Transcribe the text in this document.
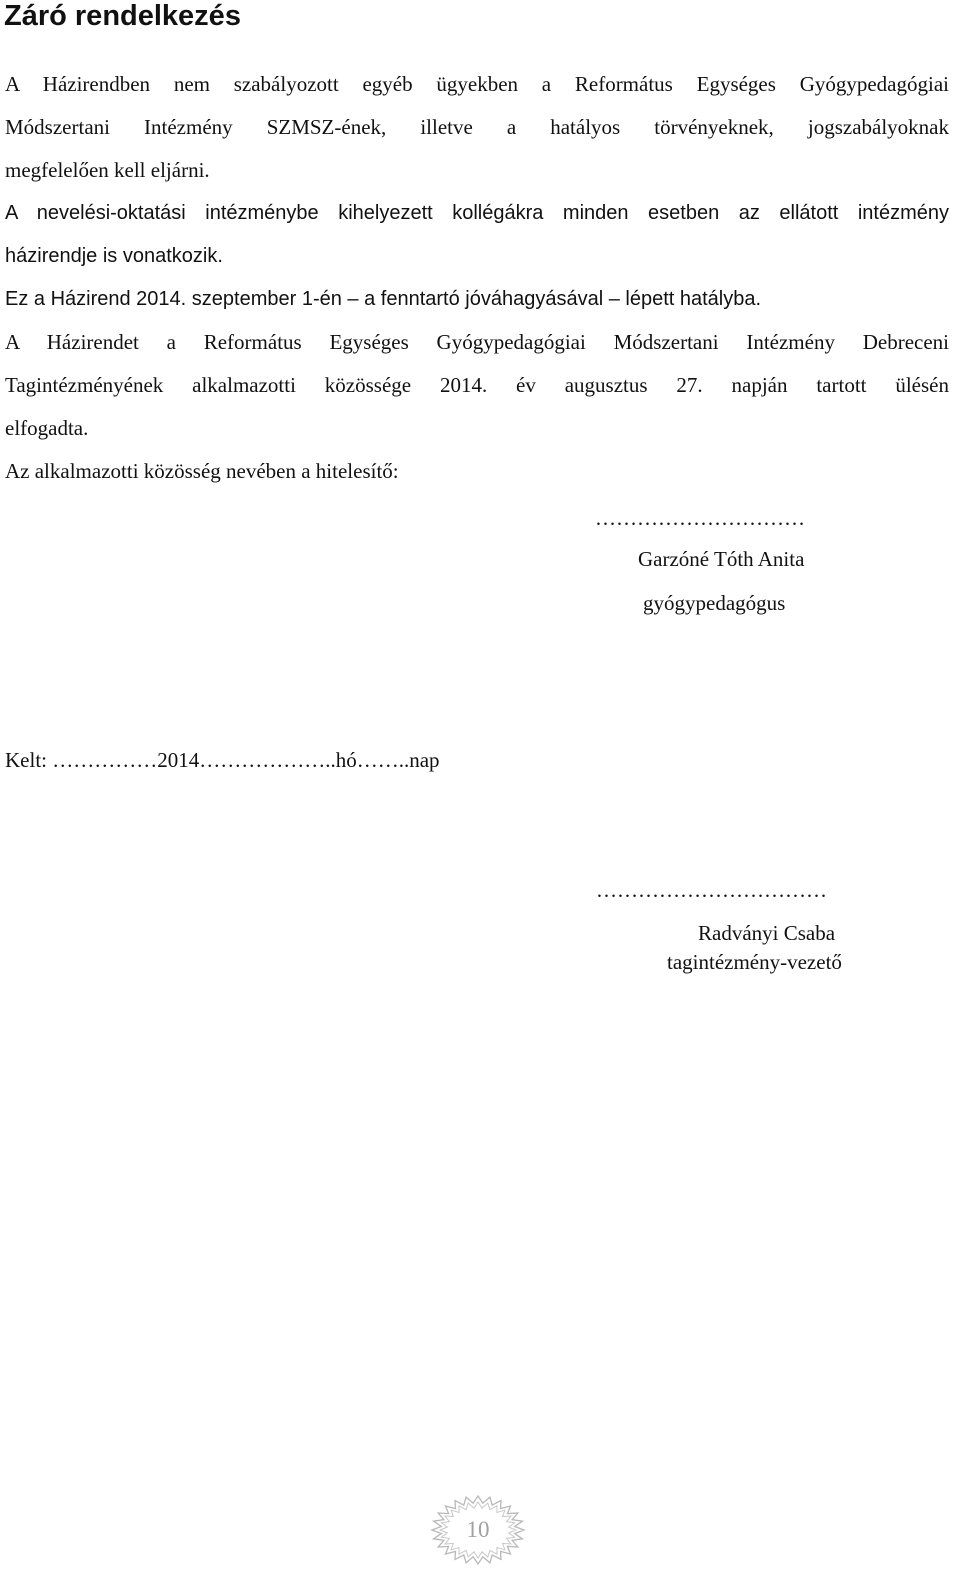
Záró rendelkezés
A Házirendben nem szabályozott egyéb ügyekben a Református Egységes Gyógypedagógiai
Módszertani Intézmény SZMSZ-ének, illetve a hatályos törvényeknek, jogszabályoknak
megfelelően kell eljárni.
A nevelési-oktatási intézménybe kihelyezett kollégákra minden esetben az ellátott intézmény
házirendje is vonatkozik.
Ez a Házirend 2014. szeptember 1-én – a fenntartó jóváhagyásával – lépett hatályba.
A Házirendet a Református Egységes Gyógypedagógiai Módszertani Intézmény Debreceni
Tagintézményének alkalmazotti közössége 2014. év augusztus 27. napján tartott ülésén
elfogadta.
Az alkalmazotti közösség nevében a hitelesítő:

…………………………

Garzóné Tóth Anita

gyógypedagógus

Kelt: ……………2014………………..hó……..nap

……………………………

Radványi Csaba

tagintézmény-vezető

10
